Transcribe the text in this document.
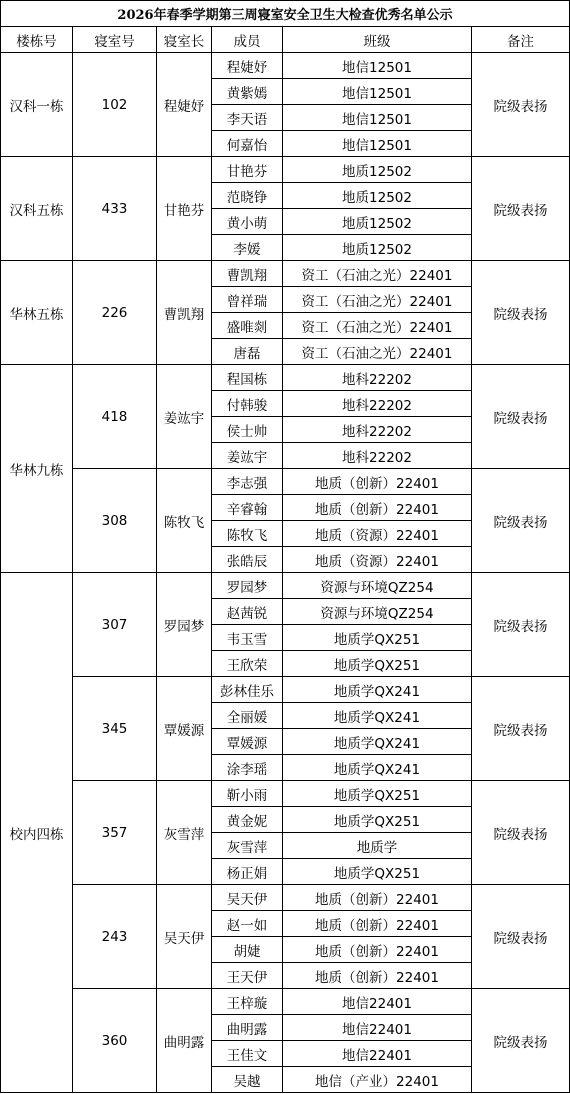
2026年春季学期第三周寝室安全卫生大检查优秀名单公示					
楼栋号	寝室号	寝室长	成员	班级	备注
汉科一栋	102	程婕妤	程婕妤	地信12501	院级表扬
			黄紫嫣	地信12501	
			李天语	地信12501	
			何嘉怡	地信12501	
汉科五栋	433	甘艳芬	甘艳芬	地质12502	院级表扬
			范晓铮	地质12502	
			黄小萌	地质12502	
			李媛	地质12502	
华林五栋	226	曹凯翔	曹凯翔	资工（石油之光）22401	院级表扬
			曾祥瑞	资工（石油之光）22401	
			盛唯剡	资工（石油之光）22401	
			唐磊	资工（石油之光）22401	
华林九栋	418	姜竑宇	程国栋	地科22202	院级表扬
			付韩骏	地科22202	
			侯士帅	地科22202	
			姜竑宇	地科22202	
	308	陈牧飞	李志强	地质（创新）22401	院级表扬
			辛睿翰	地质（创新）22401	
			陈牧飞	地质（资源）22401	
			张皓辰	地质（资源）22401	
校内四栋	307	罗园梦	罗园梦	资源与环境QZ254	院级表扬
			赵茜锐	资源与环境QZ254	
			韦玉雪	地质学QX251	
			王欣荣	地质学QX251	
	345	覃媛源	彭林佳乐	地质学QX241	院级表扬
			全丽媛	地质学QX241	
			覃媛源	地质学QX241	
			涂李瑶	地质学QX241	
	357	灰雪萍	靳小雨	地质学QX251	院级表扬
			黄金妮	地质学QX251	
			灰雪萍	地质学	
			杨正娟	地质学QX251	
	243	吴天伊	吴天伊	地质（创新）22401	院级表扬
			赵一如	地质（创新）22401	
			胡婕	地质（创新）22401	
			王天伊	地质（创新）22401	
	360	曲明露	王梓璇	地信22401	院级表扬
			曲明露	地信22401	
			王佳文	地信22401	
			吴越	地信（产业）22401	
